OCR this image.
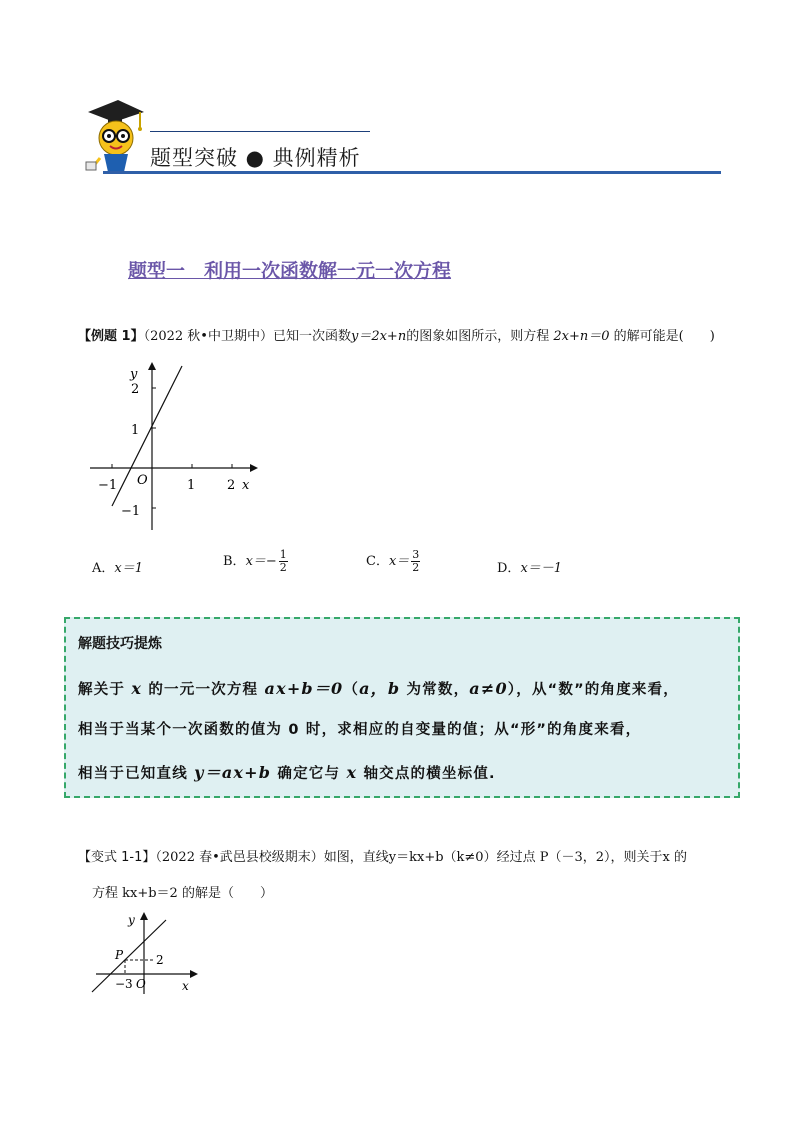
题型突破 ● 典例精析
题型一　利用一次函数解一元一次方程
【例题 1】（2022 秋•中卫期中）已知一次函数y＝2x+n的图象如图所示，则方程 2x+n＝0 的解可能是(　　)
y
x
O
−1	1 2
2
1
−1
A．x＝1	B．$x=- \frac{1}{2}$	C．$x= \frac{3}{2}$	D．x＝－1
解题技巧提炼
解关于 x 的一元一次方程 ax+b＝0（a，b 为常数，a≠0），从“数”的角度来看，
相当于当某个一次函数的值为 0 时，求相应的自变量的值；从“形”的角度来看，
相当于已知直线 y＝ax+b 确定它与 x 轴交点的横坐标值.
【变式 1-1】（2022 春•武邑县校级期末）如图，直线y＝kx+b（k≠0）经过点 P（－3，2），则关于x 的
方程 kx+b＝2 的解是（　　）
y
P	2
−3 O	x
